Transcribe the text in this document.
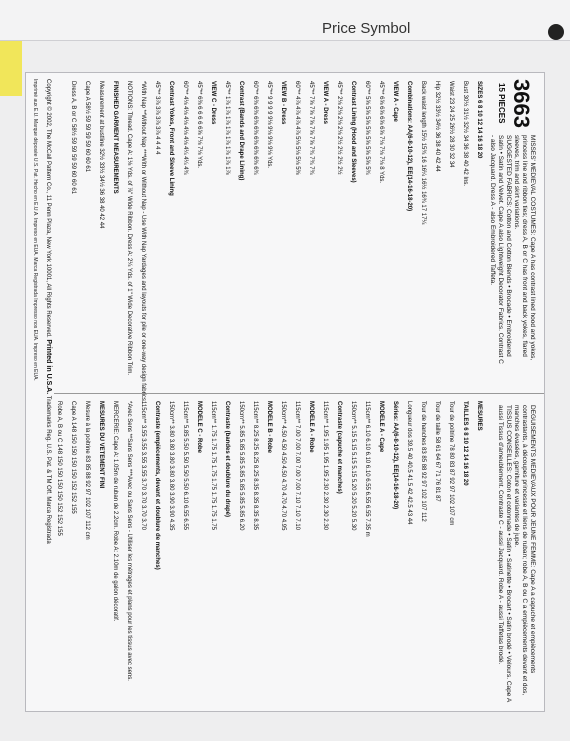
Price Symbol
3663
15 PIECES
MISSES' MEDIEVAL COSTUMES: Cape A has contrast lined hood and yokes, princess line and ribbon ties; dress A, B or C has front and back yokes, flared sleeves, trim and skirt variations.
SUGGESTED FABRICS: Cotton and Cotton Blends • Brocade • Embroidered Satin • Satin and Velvet. Cape A also Lightweight Decorator Fabrics. Contrast C - also Jacquard. Dress A - also Embroidered Taffeta.
DEGUISEMENTS MEDIEVAUX POUR JEUNE FEMME: Cape A a capuche et empiècements contrastants, à découpes princesse et liens de ruban; robe A, B ou C a empiècements devant et dos, manches évasées, garniture et variantes de jupe.
TISSUS CONSEILLES: Coton et cotonnade • Satin • Satinette • Brocart • Satin brodé • Velours. Cape A aussi Tissus d'ameublement. Contraste C - aussi Jacquard. Robe A - aussi Taffetas brodé.
SIZES 6 8 10 12 14 16 18 20
Bust 30½ 31½ 32½ 34 36 38 40 42 Ins.
Waist 23 24 25 26½ 28 30 32 34
Hip 32½ 33½ 34½ 36 38 40 42 44
Back waist length 15½ 15¾ 16 16¼ 16½ 16¾ 17 17¼
Combinations: AA(6-8-10-12), EE(14-16-18-20)
VIEW A - Cape
45"** 6⅝ 6⅝ 6⅝ 6⅝ 7⅛ 7⅛ 7⅛ 8 Yds.
60"** 5⅝ 5⅝ 5⅝ 5⅝ 5⅝ 5⅝ 5⅝ 5¾
Contrast Lining (Hood and Sleeves)
45"** 2⅛ 2⅛ 2⅛ 2⅛ 2½ 2½ 2½ 2½
VIEW A - Dress
45"** 7⅝ 7⅝ 7⅝ 7⅝ 7⅝ 7¾ 7¾ 7¾
60"** 4⅞ 4⅞ 4⅞ 4⅞ 5⅛ 5⅛ 5⅛ 5⅜
VIEW B - Dress
45"** 9 9 9 9 9⅛ 9⅛ 9⅛ 9⅛ Yds.
60"** 6⅜ 6⅜ 6⅜ 6⅜ 6⅜ 6⅜ 6⅜ 6¾
Contrast (Bands and Drape Lining)
45"** 1⅞ 1⅞ 1⅞ 1⅞ 1⅞ 1⅞ 1⅞ 1⅞
VIEW C - Dress
45"** 6⅜ 6 6 6 6 6⅝ 7⅛ 7⅛ Yds.
60"** 4⅛ 4⅛ 4⅛ 4⅛ 4⅛ 4¼ 4¼ 4¾
Contrast Yokes, Front and Sleeve Lining
45"** 3⅞ 3⅞ 3⅞ 3⅞ 4 4 4 4
*With Nap **Without Nap ***With or Without Nap - Use With Nap Yardages and layouts for pile or one-way design fabrics.
NOTIONS: Thread. Cape A: 1⅛ Yds. of ⅞" Wide Ribbon. Dress A: 2¼ Yds. of 1" Wide Decorative Ribbon Trim.
FINISHED GARMENT MEASUREMENTS
Measurement at bustline 32½ 33½ 34½ 36 38 40 42 44
Cape A 58½ 59 59 59 59 60 60 61
Dress A, B or C 58½ 59 59 59 59 60 60 61
MESURES
TAILLES 6 8 10 12 14 16 18 20
Tour de poitrine 78 80 83 87 92 97 102 107 cm
Tour de taille 58 61 64 67 71 76 81 87
Tour de hanches 83 85 88 92 97 102 107 112
Longueur dos 39.5 40 40.5 41.5 42 42.5 43 44
Séries: AA(6-8-10-12), EE(14-16-18-20)
MODELE A - Cape
115cm** 6.10 6.10 6.10 6.10 6.55 6.55 6.55 7.35 m
150cm** 5.15 5.15 5.15 5.15 5.20 5.20 5.20 5.30
Contraste (capuche et manches)
115cm** 1.95 1.95 1.95 1.95 2.30 2.30 2.30 2.30
MODELE A - Robe
115cm** 7.00 7.00 7.00 7.00 7.00 7.10 7.10 7.10
150cm** 4.50 4.50 4.50 4.50 4.70 4.70 4.70 4.95
MODELE B - Robe
115cm** 8.25 8.25 8.25 8.25 8.35 8.35 8.35 8.35
150cm** 5.85 5.85 5.85 5.85 5.85 5.85 5.85 6.20
Contraste (bandes et doublure du drapé)
115cm** 1.75 1.75 1.75 1.75 1.75 1.75 1.75 1.75
MODELE C - Robe
115cm** 5.85 5.50 5.50 5.50 5.50 6.10 6.55 6.55
150cm** 3.80 3.80 3.80 3.80 3.80 3.90 3.90 4.35
Contraste (empiècements, devant et doublure de manches)
115cm** 3.55 3.55 3.55 3.55 3.70 3.70 3.70 3.70
*Avec Sens **Sans Sens ***Avec ou Sans Sens - Utiliser les métrages et plans pour les tissus avec sens.
MERCERIE: Cape A: 1.05m de ruban de 2.2cm. Robe A: 2.10m de galon décoratif.
MESURES DU VETEMENT FINI
Mesure à la poitrine 83 85 88 92 97 102 107 112 cm
Cape A 148 150 150 150 150 152 152 155
Robe A, B ou C 148 150 150 150 150 152 152 155
Copyright © 2002, The McCall Pattern Co., 11 Penn Plaza, New York 10001, All Rights Reserved. Printed in U.S.A. Trademarks Reg. U.S. Pat. & TM Off. Marca Registrada
Imprimé aux E.U. Marque déposée U.S. Pat. Hecho en E.U.A. Impreso en EUA. Marca Registrada Impresso nos EUA. Impreso en EUA.
